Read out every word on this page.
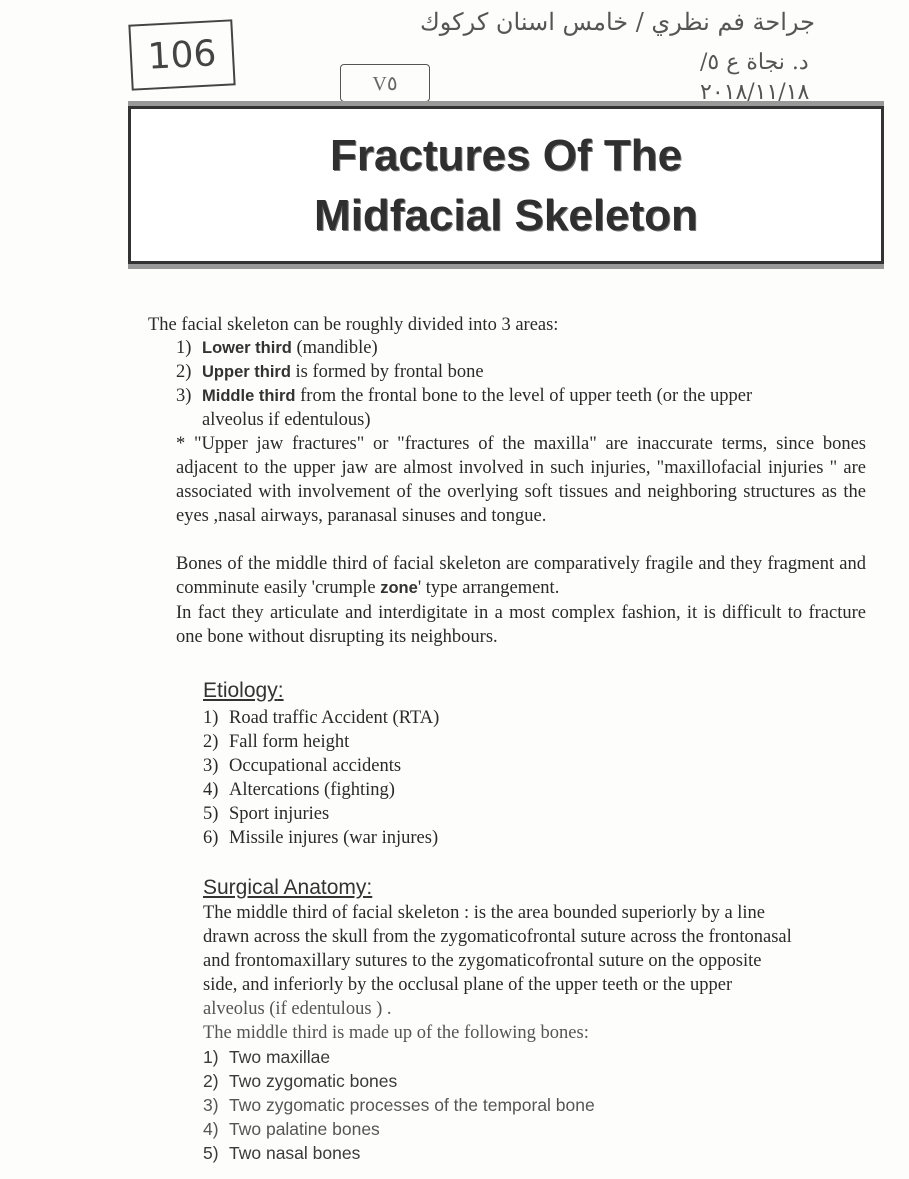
106
V٥
جراحة فم نظري / خامس اسنان كركوك
د. نجاة ع ٥/
٢٠١٨/١١/١٨
Fractures Of The
Midfacial Skeleton
The facial skeleton can be roughly divided into 3 areas:
1) Lower third (mandible)
2) Upper third is formed by frontal bone
3) Middle third from the frontal bone to the level of upper teeth (or the upper
alveolus if edentulous)
* "Upper jaw fractures" or "fractures of the maxilla" are inaccurate terms, since bones adjacent to the upper jaw are almost involved in such injuries, "maxillofacial injuries " are associated with involvement of the overlying soft tissues and neighboring structures as the eyes ,nasal airways, paranasal sinuses and tongue.
Bones of the middle third of facial skeleton are comparatively fragile and they fragment and comminute easily 'crumple zone' type arrangement.
In fact they articulate and interdigitate in a most complex fashion, it is difficult to fracture one bone without disrupting its neighbours.
Etiology:
1) Road traffic Accident (RTA)
2) Fall form height
3) Occupational accidents
4) Altercations (fighting)
5) Sport injuries
6) Missile injures (war injures)
Surgical Anatomy:
The middle third of facial skeleton : is the area bounded superiorly by a line
drawn across the skull from the zygomaticofrontal suture across the frontonasal
and frontomaxillary sutures to the zygomaticofrontal suture on the opposite
side, and inferiorly by the occlusal plane of the upper teeth or the upper
alveolus (if edentulous ) .
The middle third is made up of the following bones:
1) Two maxillae
2) Two zygomatic bones
3) Two zygomatic processes of the temporal bone
4) Two palatine bones
5) Two nasal bones
